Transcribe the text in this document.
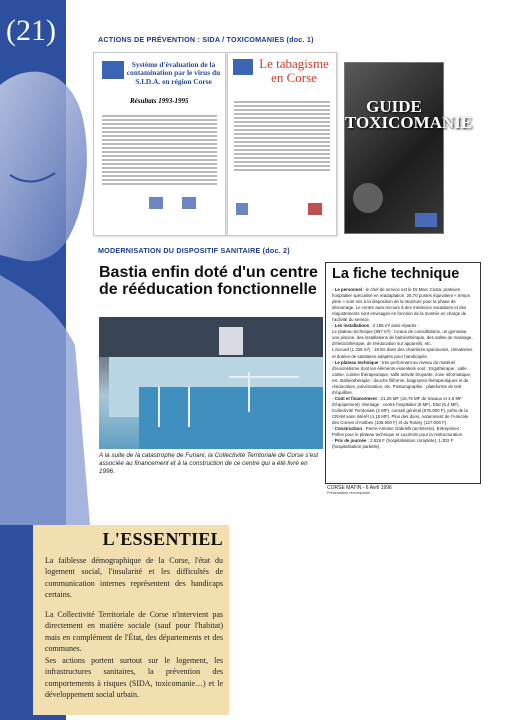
(21)	ACTIONS DE PRÉVENTION : SIDA / TOXICOMANIES (doc. 1)
Système d'évaluation de la contamination par le virus du S.I.D.A. en région Corse
Résultats 1993-1995
Le tabagisme en Corse
GUIDE TOXICOMANIE
MODERNISATION DU DISPOSITIF SANITAIRE (doc. 2)
Bastia enfin doté d'un centre de rééducation fonctionnelle
A la suite de la catastrophe de Furiani, la Collectivité Territoriale de Corse s'est associée au financement et à la construction de ce centre qui a été livré en 1996.
La fiche technique
- Le personnel : le chef de service est le Dr Marc Costa, praticien hospitalier spécialisé en réadaptation. 26,70 postes équivalent « temps plein » sont mis à la disposition de la structure pour la phase de démarrage. Le centre aura recours à des médecins vacataires et des réajustements sont envisagés en fonction de la montée en charge de l'activité du service.
- Les installations : 2 185 m² ainsi répartis :
Le plateau technique (857 m²) : locaux de consultations, un gymnase, une piscine, des installations de balnéothérapie, des salles de massage, d'électrothérapie, de rééducation sur appareils, etc.
L'accueil (1 328 m²) : 18 lits dans des chambres spacieuses, climatisées et dotées de sanitaires adaptés pour handicapés.
- Le plateau technique : très performant au niveau du matériel d'isocinétisme dont les éléments essentiels sont : Ergothérapie : salle calme, cuisine thérapeutique, salle activité bruyante, zone informatique, etc. Balnéothérapie : douche filiforme, baignoires thérapeutiques et de rééducation, pulvérisation, etc. Posturographie : plateforme de test d'équilibre.
- Coût et financement : 21,25 MF (16,75 MF de travaux et 4,5 MF d'équipement). Montage : centre hospitalier (8 MF), État (6,4 MF), Collectivité Territoriale (2 MF), conseil général (675.000 F), prêts de la CRAM sans intérêt (4,15 MF). Plus des dons, notamment de l'Amicale des Corses d'Antibes (105.000 F) et du Rotary (127.000 F).
- Construction : Pierre-Antoine Gabrielli (architecte). Entreprises : Polles pour le plateau technique et Lacrimini pour la restructuration.
- Prix de journée : 2.526 F (hospitalisation complète), 1.302 F (hospitalisation partielle).
CORSE MATIN - 6 Avril 1996
Présentation recomposée
L'ESSENTIEL
La faiblesse démographique de la Corse, l'état du logement social, l'insularité et les difficultés de communication internes représentent des handicaps certains.
La Collectivité Territoriale de Corse n'intervient pas directement en matière sociale (sauf pour l'habitat) mais en complément de l'État, des départements et des communes.
Ses actions portent surtout sur le logement, les infrastructures sanitaires, la prévention des comportements à risques (SIDA, toxicomanie…) et le développement social urbain.
